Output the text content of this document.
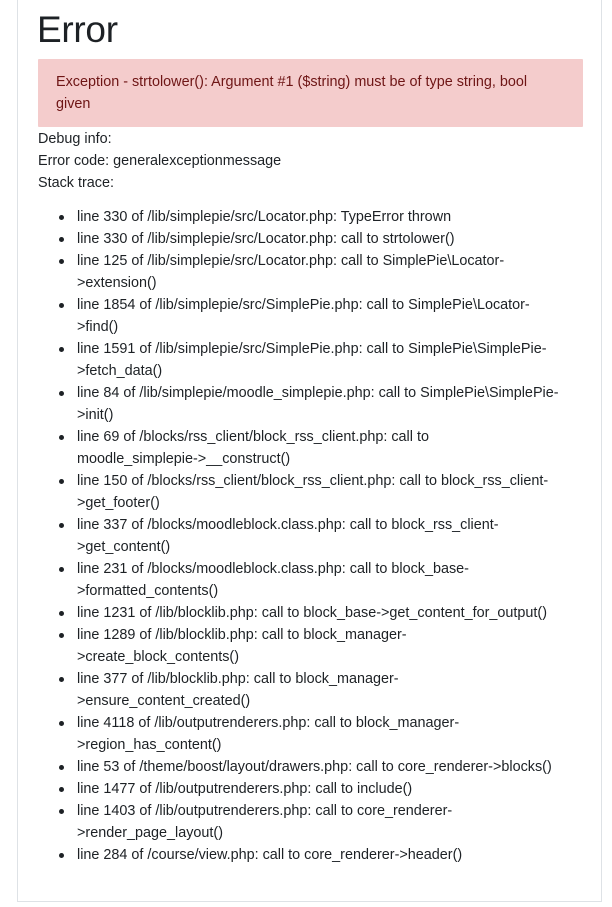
Error
Exception - strtolower(): Argument #1 ($string) must be of type string, bool
given
Debug info:
Error code: generalexceptionmessage
Stack trace:
line 330 of /lib/simplepie/src/Locator.php: TypeError thrown
line 330 of /lib/simplepie/src/Locator.php: call to strtolower()
line 125 of /lib/simplepie/src/Locator.php: call to SimplePie\Locator-
>extension()
line 1854 of /lib/simplepie/src/SimplePie.php: call to SimplePie\Locator-
>find()
line 1591 of /lib/simplepie/src/SimplePie.php: call to SimplePie\SimplePie-
>fetch_data()
line 84 of /lib/simplepie/moodle_simplepie.php: call to SimplePie\SimplePie-
>init()
line 69 of /blocks/rss_client/block_rss_client.php: call to
moodle_simplepie->__construct()
line 150 of /blocks/rss_client/block_rss_client.php: call to block_rss_client-
>get_footer()
line 337 of /blocks/moodleblock.class.php: call to block_rss_client-
>get_content()
line 231 of /blocks/moodleblock.class.php: call to block_base-
>formatted_contents()
line 1231 of /lib/blocklib.php: call to block_base->get_content_for_output()
line 1289 of /lib/blocklib.php: call to block_manager-
>create_block_contents()
line 377 of /lib/blocklib.php: call to block_manager-
>ensure_content_created()
line 4118 of /lib/outputrenderers.php: call to block_manager-
>region_has_content()
line 53 of /theme/boost/layout/drawers.php: call to core_renderer->blocks()
line 1477 of /lib/outputrenderers.php: call to include()
line 1403 of /lib/outputrenderers.php: call to core_renderer-
>render_page_layout()
line 284 of /course/view.php: call to core_renderer->header()
